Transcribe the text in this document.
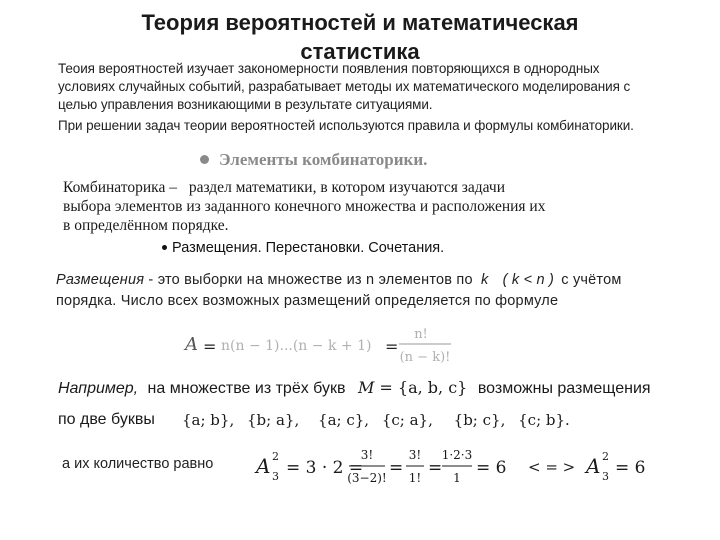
Теория вероятностей и математическая
статистика
Теоия вероятностей изучает закономерности появления повторяющихся в однородных
условиях случайных событий, разрабатывает методы их математического моделирования с
целью управления возникающими в результате ситуациями.
При решении задач теории вероятностей используются правила и формулы комбинаторики.
Элементы комбинаторики.
Комбинаторика – раздел математики, в котором изучаются задачи
выбора элементов из заданного конечного множества и расположения их
в определённом порядке.
Размещения. Перестановки. Сочетания.
Размещения - это выборки на множестве из n элементов по k ( k < n ) с учётом
порядка. Число всех возможных размещений определяется по формуле
A = n(n − 1)...(n − k + 1) =
n!
(n − k)!
Например, на множестве из трёх букв M = {a, b, c} возможны размещения
по две буквы {a; b}, {b; a}, {a; c}, {c; a}, {b; c}, {c; b}.
а их количество равно A 2
3 = 3 · 2 =
3!
(3−2)! =
3!
1! =
1·2·3
1 = 6 < = > A 2
3 = 6
